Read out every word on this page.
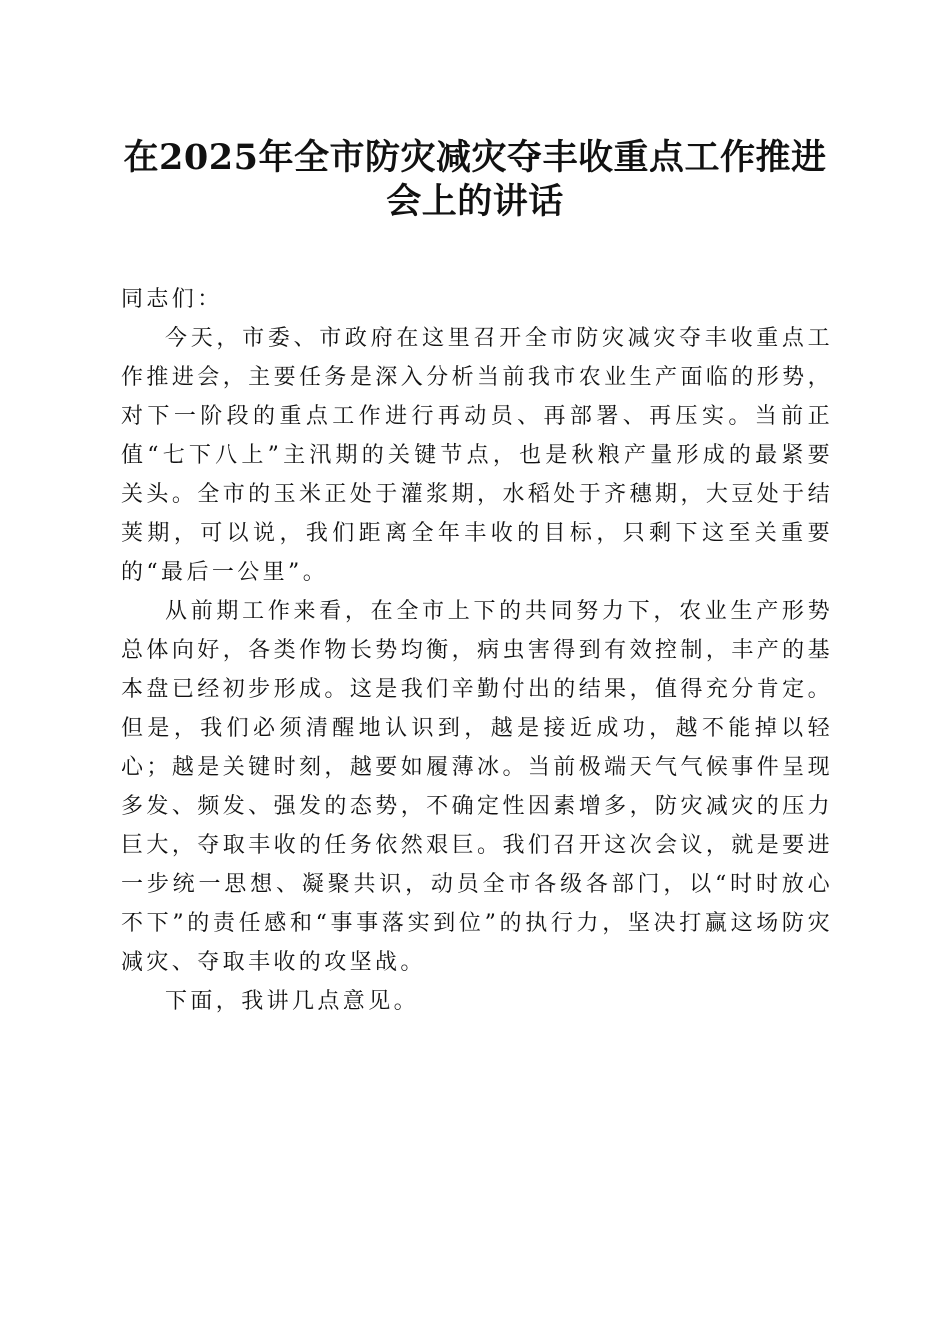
在2025年全市防灾减灾夺丰收重点工作推进
会上的讲话

同志们：

今天，市委、市政府在这里召开全市防灾减灾夺丰收重点工作推进会，主要任务是深入分析当前我市农业生产面临的形势，对下一阶段的重点工作进行再动员、再部署、再压实。当前正值“七下八上”主汛期的关键节点，也是秋粮产量形成的最紧要关头。全市的玉米正处于灌浆期，水稻处于齐穗期，大豆处于结荚期，可以说，我们距离全年丰收的目标，只剩下这至关重要的“最后一公里”。

从前期工作来看，在全市上下的共同努力下，农业生产形势总体向好，各类作物长势均衡，病虫害得到有效控制，丰产的基本盘已经初步形成。这是我们辛勤付出的结果，值得充分肯定。但是，我们必须清醒地认识到，越是接近成功，越不能掉以轻心；越是关键时刻，越要如履薄冰。当前极端天气气候事件呈现多发、频发、强发的态势，不确定性因素增多，防灾减灾的压力巨大，夺取丰收的任务依然艰巨。我们召开这次会议，就是要进一步统一思想、凝聚共识，动员全市各级各部门，以“时时放心不下”的责任感和“事事落实到位”的执行力，坚决打赢这场防灾减灾、夺取丰收的攻坚战。

下面，我讲几点意见。
